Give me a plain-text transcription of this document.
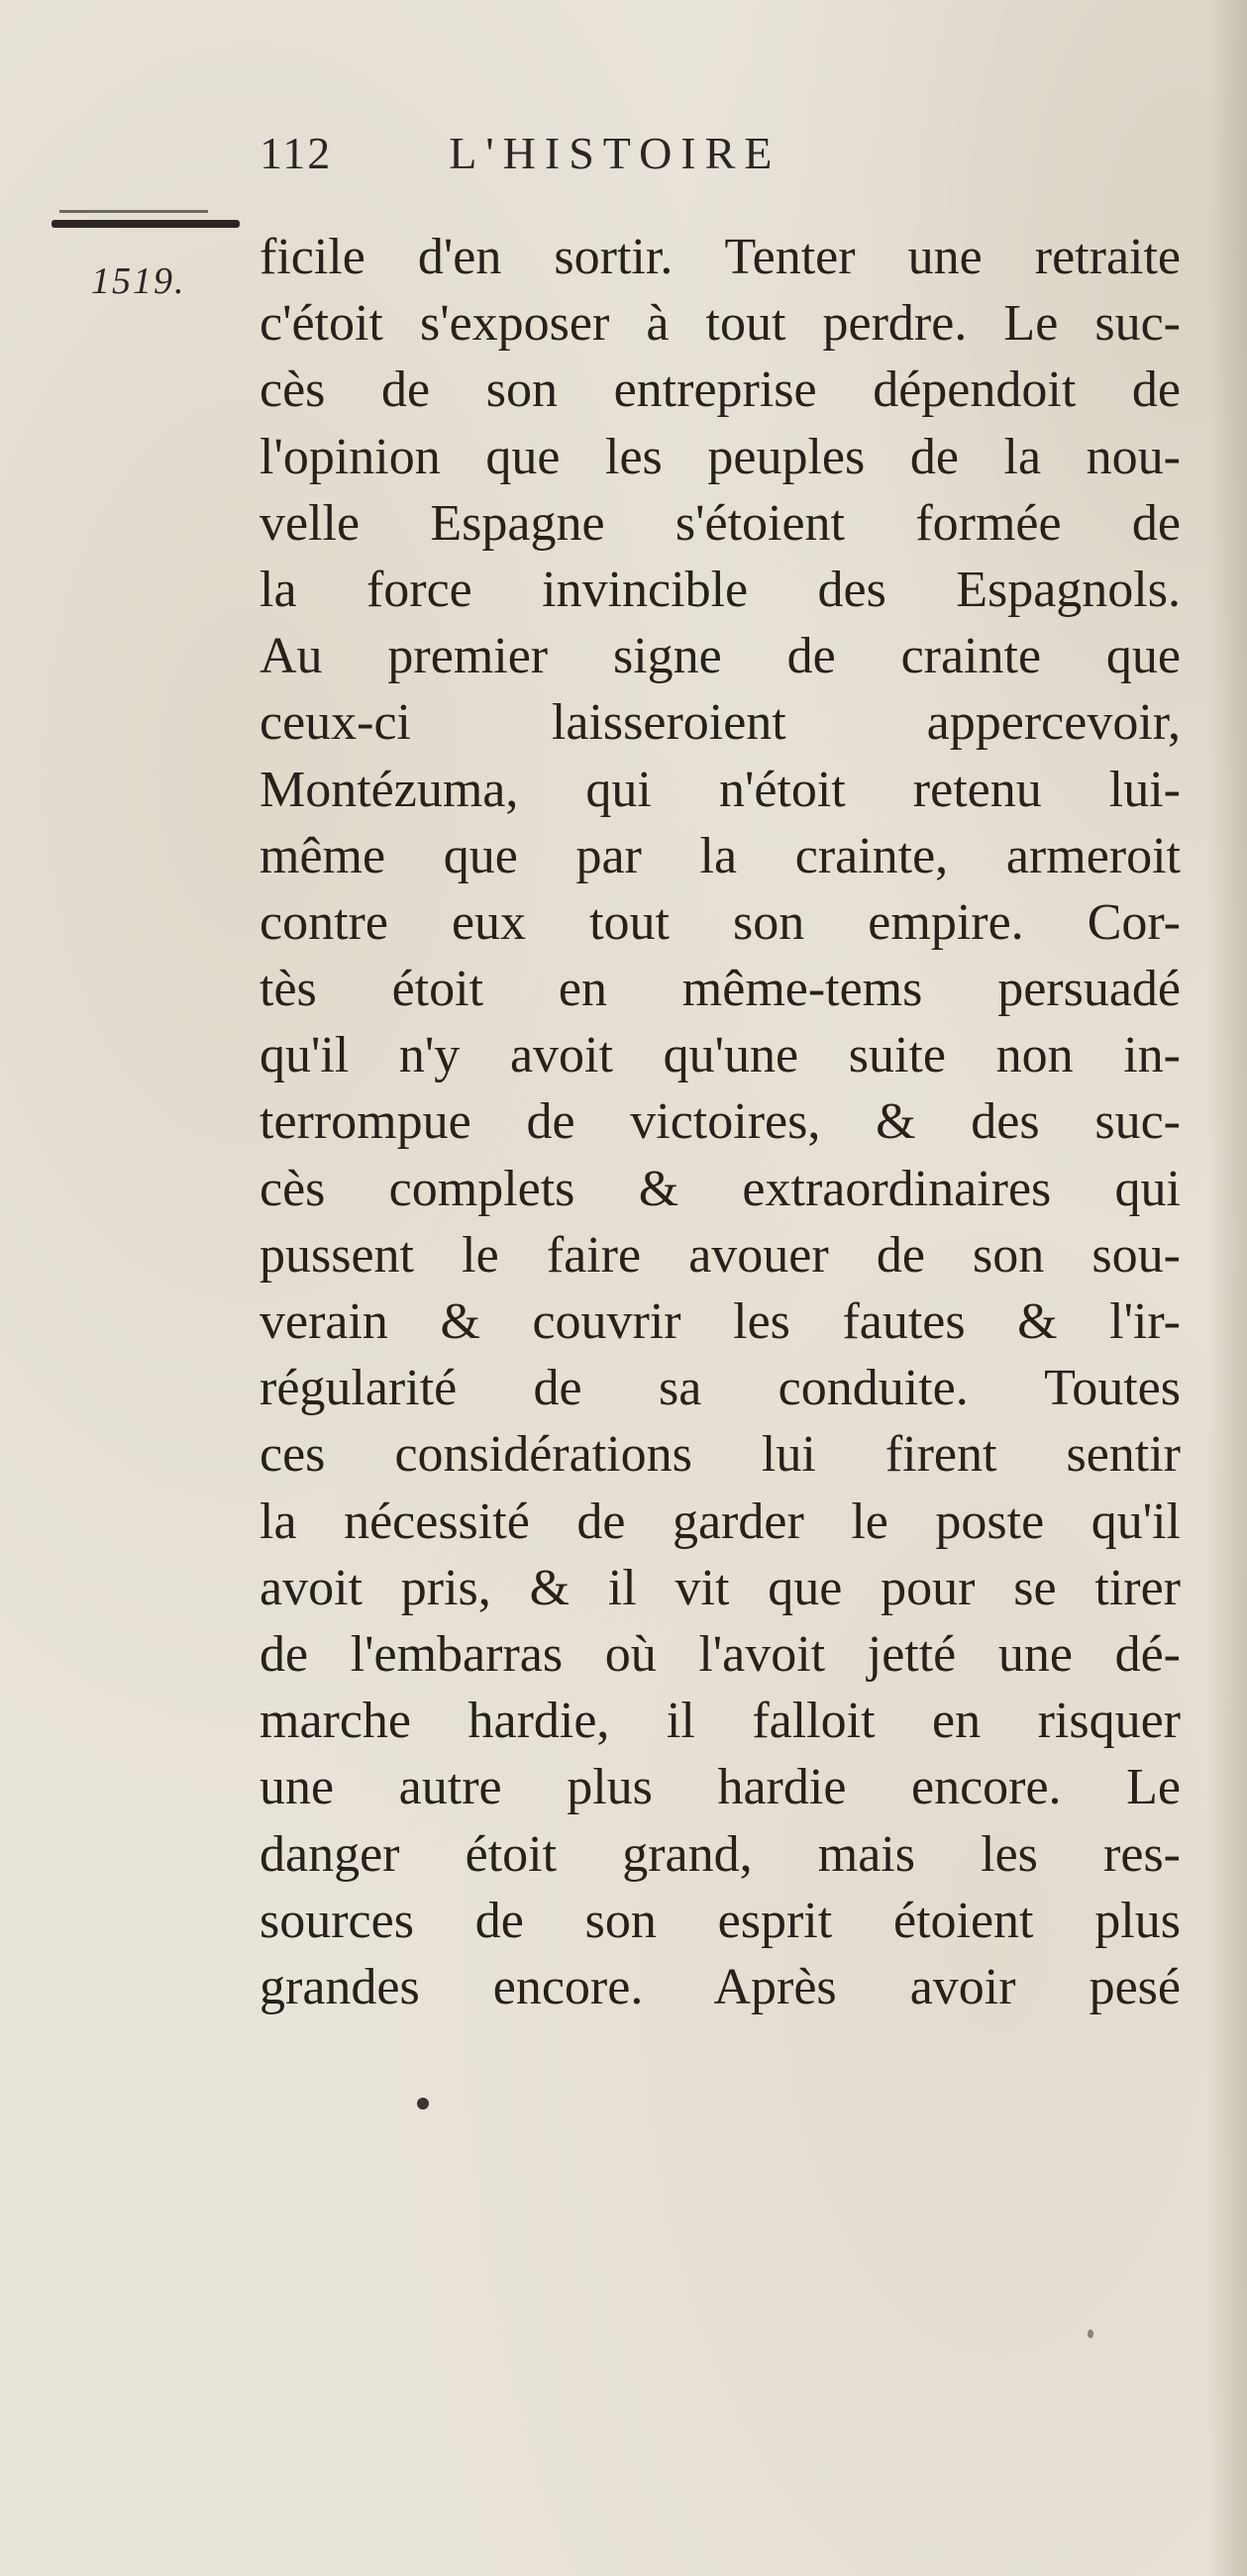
112	L'HISTOIRE
1519. ficile d'en sortir. Tenter une retraite
c'étoit s'exposer à tout perdre. Le suc-
cès de son entreprise dépendoit de
l'opinion que les peuples de la nou-
velle Espagne s'étoient formée de
la force invincible des Espagnols.
Au premier signe de crainte que
ceux-ci laisseroient appercevoir,
Montézuma, qui n'étoit retenu lui-
même que par la crainte, armeroit
contre eux tout son empire. Cor-
tès étoit en même-tems persuadé
qu'il n'y avoit qu'une suite non in-
terrompue de victoires, & des suc-
cès complets & extraordinaires qui
pussent le faire avouer de son sou-
verain & couvrir les fautes & l'ir-
régularité de sa conduite. Toutes
ces considérations lui firent sentir
la nécessité de garder le poste qu'il
avoit pris, & il vit que pour se tirer
de l'embarras où l'avoit jetté une dé-
marche hardie, il falloit en risquer
une autre plus hardie encore. Le
danger étoit grand, mais les res-
sources de son esprit étoient plus
grandes encore. Après avoir pesé
